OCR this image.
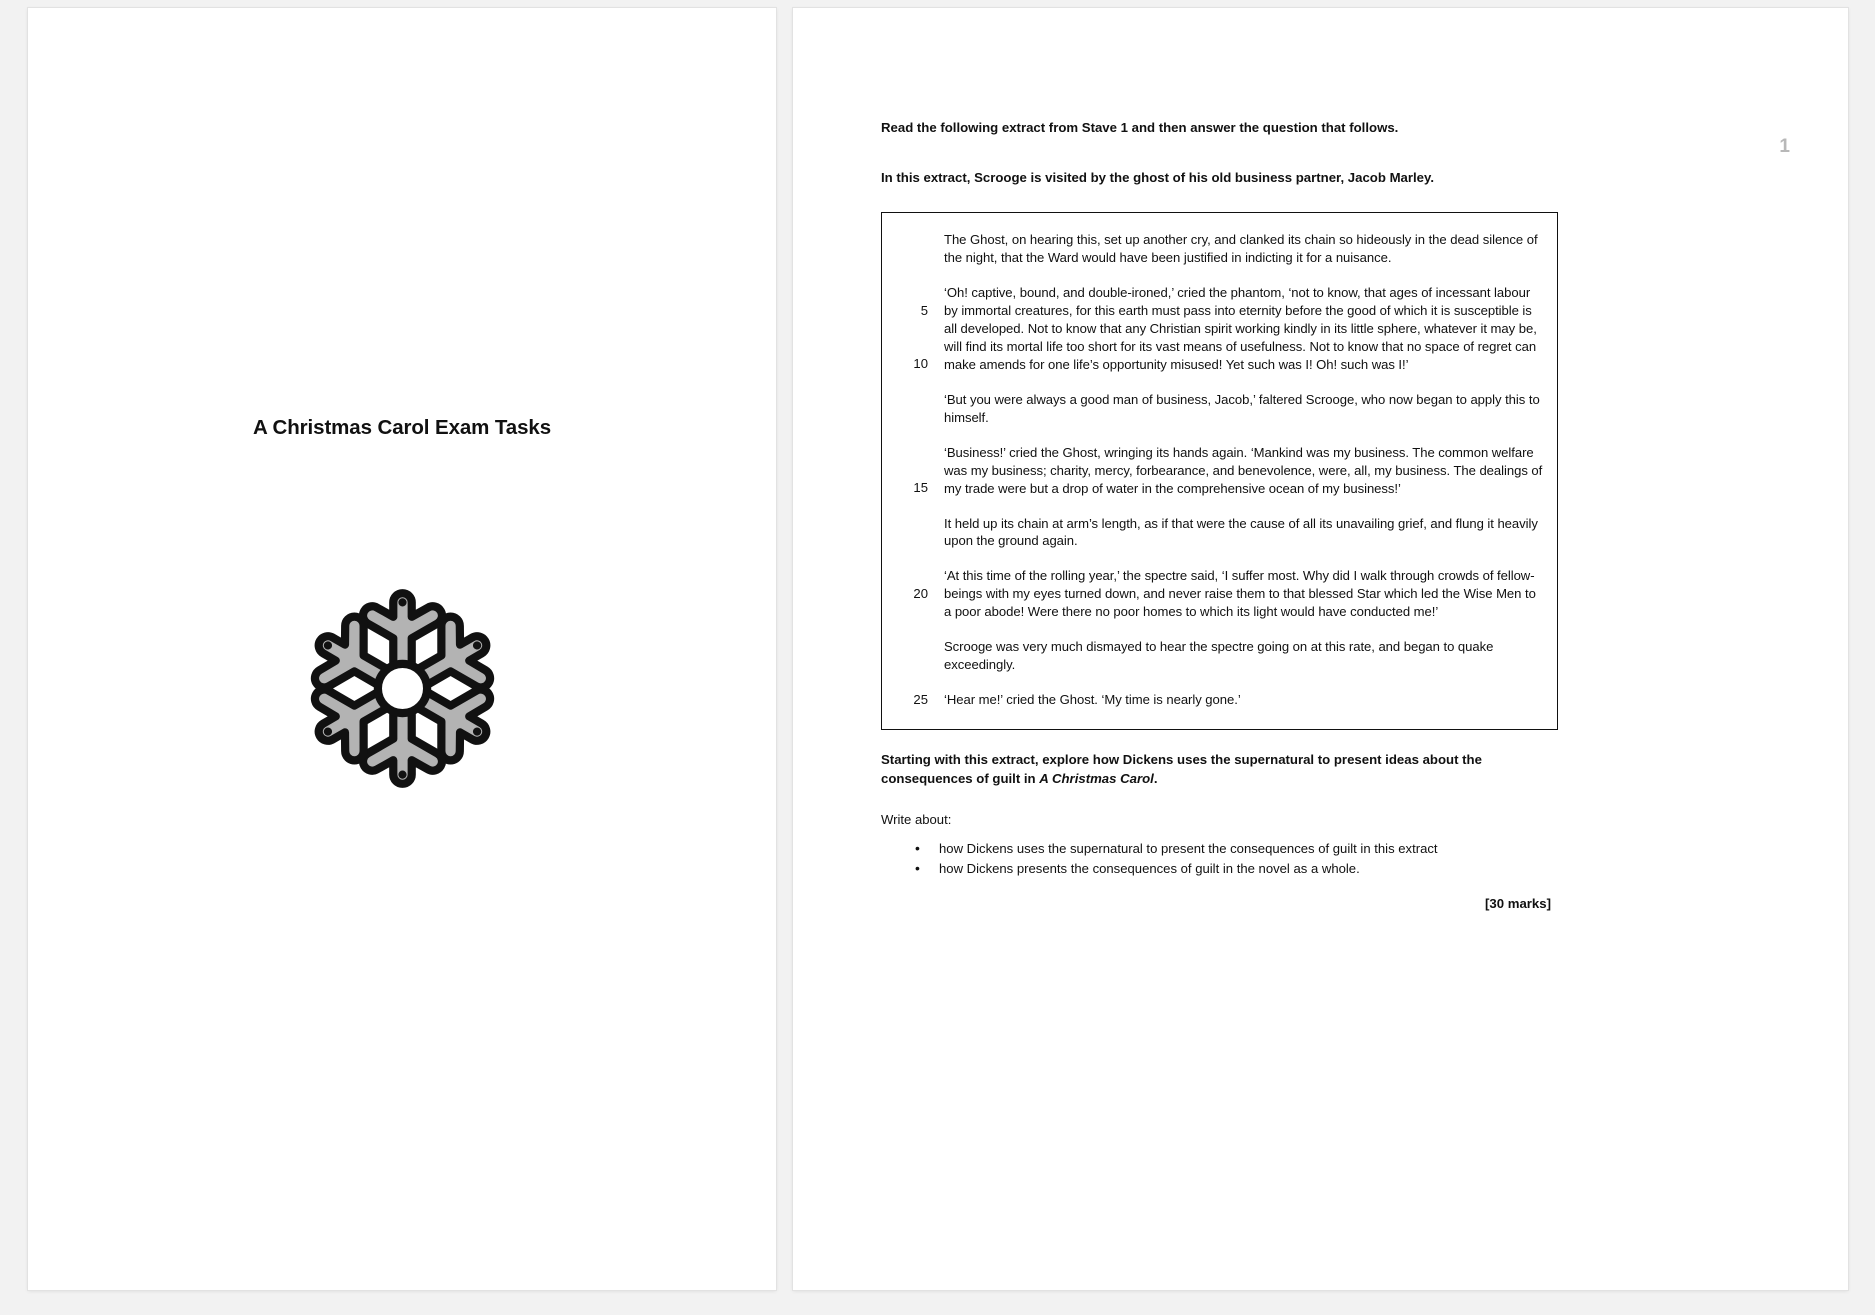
A Christmas Carol Exam Tasks
1
Read the following extract from Stave 1 and then answer the question that follows.
In this extract, Scrooge is visited by the ghost of his old business partner, Jacob Marley.
The Ghost, on hearing this, set up another cry, and clanked its chain so hideously in the dead silence of the night, that the Ward would have been justified in indicting it for a nuisance.
5
10
‘Oh! captive, bound, and double-ironed,’ cried the phantom, ‘not to know, that ages of incessant labour by immortal creatures, for this earth must pass into eternity before the good of which it is susceptible is all developed. Not to know that any Christian spirit working kindly in its little sphere, whatever it may be, will find its mortal life too short for its vast means of usefulness. Not to know that no space of regret can make amends for one life’s opportunity misused! Yet such was I! Oh! such was I!’
‘But you were always a good man of business, Jacob,’ faltered Scrooge, who now began to apply this to himself.
15
‘Business!’ cried the Ghost, wringing its hands again. ‘Mankind was my business. The common welfare was my business; charity, mercy, forbearance, and benevolence, were, all, my business. The dealings of my trade were but a drop of water in the comprehensive ocean of my business!’
It held up its chain at arm’s length, as if that were the cause of all its unavailing grief, and flung it heavily upon the ground again.
20
‘At this time of the rolling year,’ the spectre said, ‘I suffer most. Why did I walk through crowds of fellow-beings with my eyes turned down, and never raise them to that blessed Star which led the Wise Men to a poor abode! Were there no poor homes to which its light would have conducted me!’
Scrooge was very much dismayed to hear the spectre going on at this rate, and began to quake exceedingly.
25 ‘Hear me!’ cried the Ghost. ‘My time is nearly gone.’
Starting with this extract, explore how Dickens uses the supernatural to present ideas about the consequences of guilt in A Christmas Carol.
Write about:
• how Dickens uses the supernatural to present the consequences of guilt in this extract
• how Dickens presents the consequences of guilt in the novel as a whole.
[30 marks]
